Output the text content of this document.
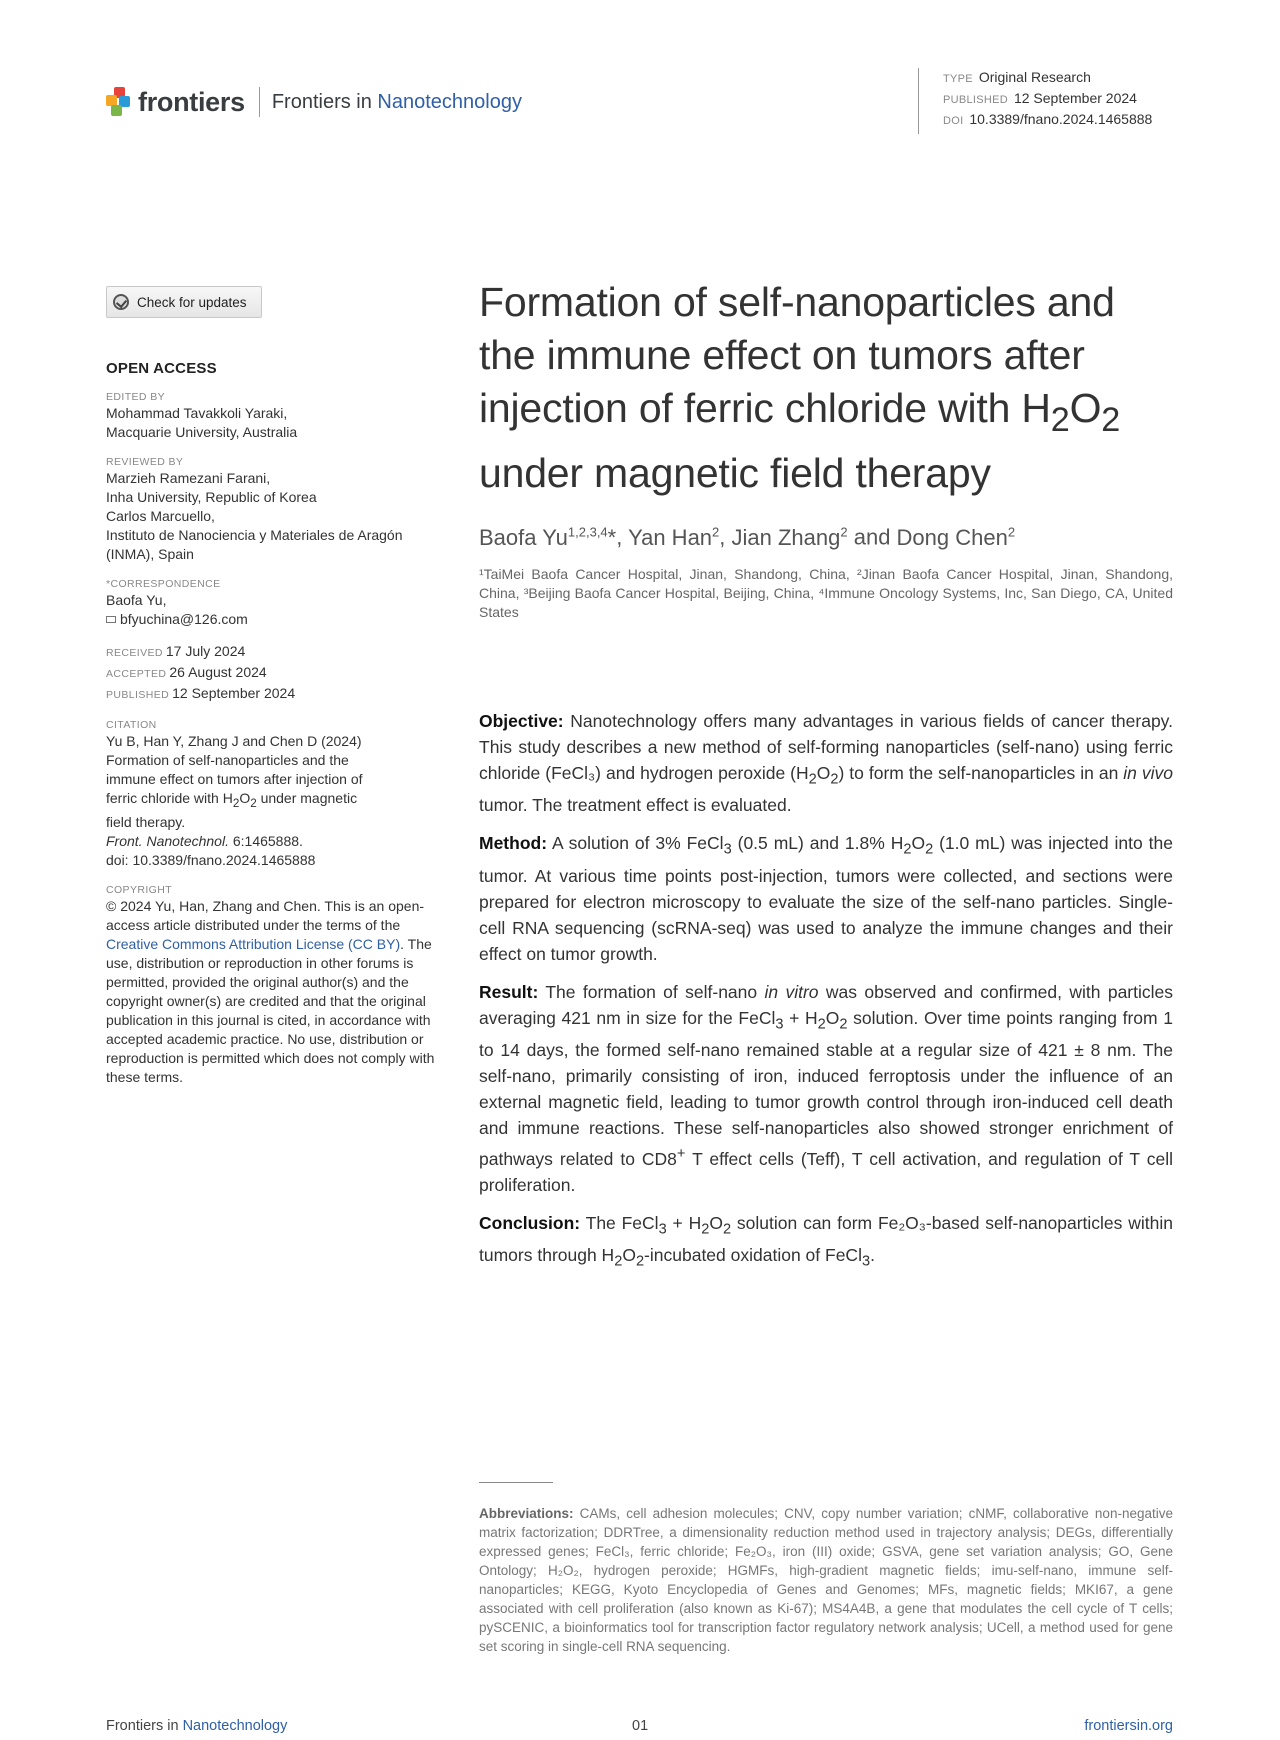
frontiers Frontiers in Nanotechnology
TYPE Original Research
PUBLISHED 12 September 2024
DOI 10.3389/fnano.2024.1465888
Check for updates
OPEN ACCESS
EDITED BY
Mohammad Tavakkoli Yaraki,
Macquarie University, Australia
REVIEWED BY
Marzieh Ramezani Farani,
Inha University, Republic of Korea
Carlos Marcuello,
Instituto de Nanociencia y Materiales de Aragón
(INMA), Spain
*CORRESPONDENCE
Baofa Yu,
bfyuchina@126.com
RECEIVED 17 July 2024
ACCEPTED 26 August 2024
PUBLISHED 12 September 2024
CITATION
Yu B, Han Y, Zhang J and Chen D (2024)
Formation of self-nanoparticles and the
immune effect on tumors after injection of
ferric chloride with $H_2O_2$ under magnetic
field therapy.
Front. Nanotechnol. 6:1465888.
doi: 10.3389/fnano.2024.1465888
COPYRIGHT
© 2024 Yu, Han, Zhang and Chen. This is an open-access article distributed under the terms of the Creative Commons Attribution License (CC BY). The use, distribution or reproduction in other forums is permitted, provided the original author(s) and the copyright owner(s) are credited and that the original publication in this journal is cited, in accordance with accepted academic practice. No use, distribution or reproduction is permitted which does not comply with these terms.
Formation of self-nanoparticles and the immune effect on tumors after injection of ferric chloride with $H_2O_2$ under magnetic field therapy
Baofa Yu$^{1,2,3,4}$*, Yan Han$^2$, Jian Zhang$^2$ and Dong Chen$^2$
¹TaiMei Baofa Cancer Hospital, Jinan, Shandong, China, ²Jinan Baofa Cancer Hospital, Jinan, Shandong, China, ³Beijing Baofa Cancer Hospital, Beijing, China, ⁴Immune Oncology Systems, Inc, San Diego, CA, United States

Objective: Nanotechnology offers many advantages in various fields of cancer therapy. This study describes a new method of self-forming nanoparticles (self-nano) using ferric chloride (FeCl₃) and hydrogen peroxide $(H_2O_2)$ to form the self-nanoparticles in an in vivo tumor. The treatment effect is evaluated.

Method: A solution of 3% FeCl$_3$ (0.5 mL) and 1.8% $H_2O_2$ (1.0 mL) was injected into the tumor. At various time points post-injection, tumors were collected, and sections were prepared for electron microscopy to evaluate the size of the self-nano particles. Single-cell RNA sequencing (scRNA-seq) was used to analyze the immune changes and their effect on tumor growth.

Result: The formation of self-nano in vitro was observed and confirmed, with particles averaging 421 nm in size for the FeCl$_3$ + $H_2O_2$ solution. Over time points ranging from 1 to 14 days, the formed self-nano remained stable at a regular size of 421 ± 8 nm. The self-nano, primarily consisting of iron, induced ferroptosis under the influence of an external magnetic field, leading to tumor growth control through iron-induced cell death and immune reactions. These self-nanoparticles also showed stronger enrichment of pathways related to CD8+ T effect cells (Teff), T cell activation, and regulation of T cell proliferation.

Conclusion: The FeCl$_3$ + $H_2O_2$ solution can form Fe₂O₃-based self-nanoparticles within tumors through $H_2O_2$-incubated oxidation of FeCl$_3$.

Abbreviations: CAMs, cell adhesion molecules; CNV, copy number variation; cNMF, collaborative non-negative matrix factorization; DDRTree, a dimensionality reduction method used in trajectory analysis; DEGs, differentially expressed genes; FeCl₃, ferric chloride; Fe₂O₃, iron (III) oxide; GSVA, gene set variation analysis; GO, Gene Ontology; H₂O₂, hydrogen peroxide; HGMFs, high-gradient magnetic fields; imu-self-nano, immune self-nanoparticles; KEGG, Kyoto Encyclopedia of Genes and Genomes; MFs, magnetic fields; MKI67, a gene associated with cell proliferation (also known as Ki-67); MS4A4B, a gene that modulates the cell cycle of T cells; pySCENIC, a bioinformatics tool for transcription factor regulatory network analysis; UCell, a method used for gene set scoring in single-cell RNA sequencing.
Frontiers in Nanotechnology	01	frontiersin.org
